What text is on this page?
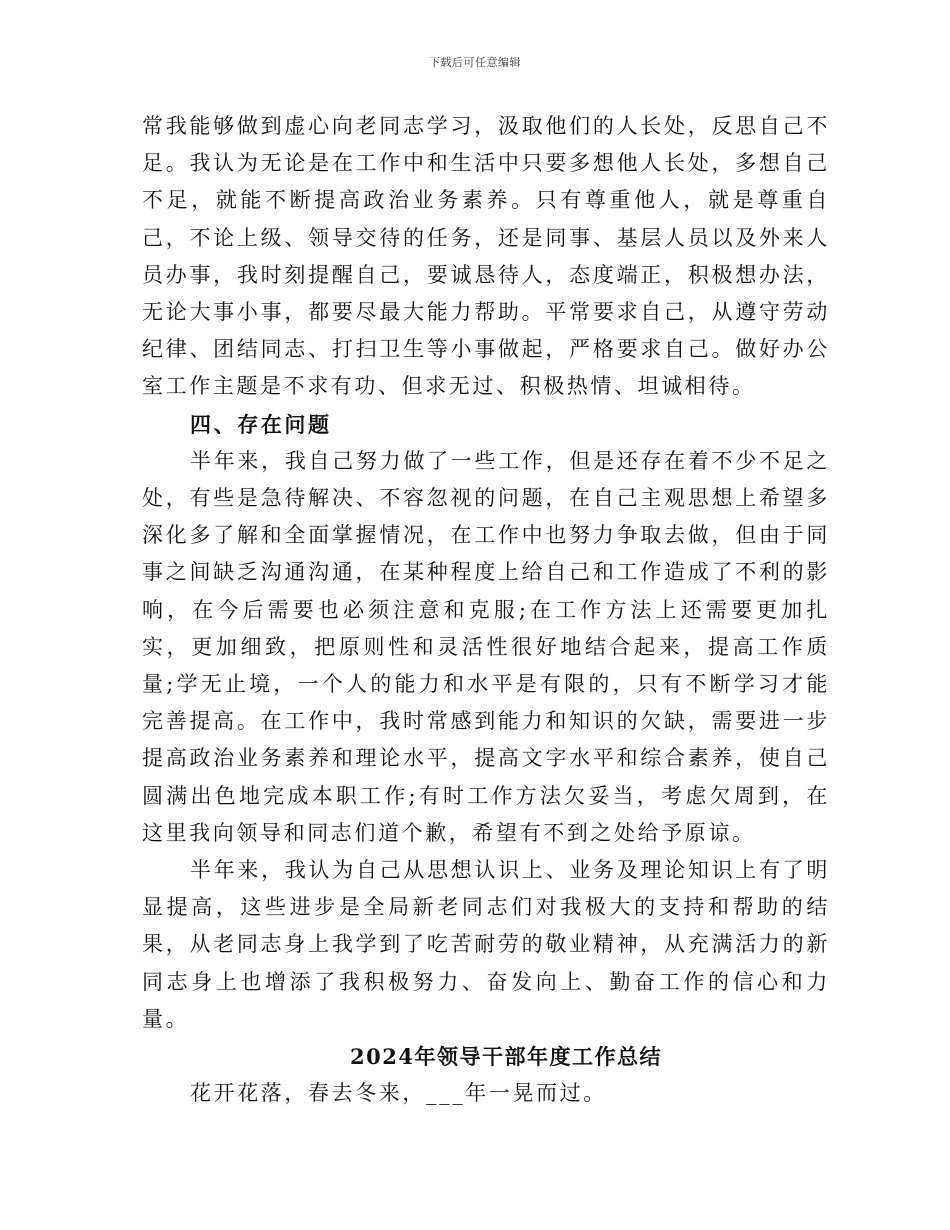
下载后可任意编辑

常我能够做到虚心向老同志学习，汲取他们的人长处，反思自己不足。我认为无论是在工作中和生活中只要多想他人长处，多想自己不足，就能不断提高政治业务素养。只有尊重他人，就是尊重自己，不论上级、领导交待的任务，还是同事、基层人员以及外来人员办事，我时刻提醒自己，要诚恳待人，态度端正，积极想办法，无论大事小事，都要尽最大能力帮助。平常要求自己，从遵守劳动纪律、团结同志、打扫卫生等小事做起，严格要求自己。做好办公室工作主题是不求有功、但求无过、积极热情、坦诚相待。

四、存在问题

半年来，我自己努力做了一些工作，但是还存在着不少不足之处，有些是急待解决、不容忽视的问题，在自己主观思想上希望多深化多了解和全面掌握情况，在工作中也努力争取去做，但由于同事之间缺乏沟通沟通，在某种程度上给自己和工作造成了不利的影响，在今后需要也必须注意和克服;在工作方法上还需要更加扎实，更加细致，把原则性和灵活性很好地结合起来，提高工作质量;学无止境，一个人的能力和水平是有限的，只有不断学习才能完善提高。在工作中，我时常感到能力和知识的欠缺，需要进一步提高政治业务素养和理论水平，提高文字水平和综合素养，使自己圆满出色地完成本职工作;有时工作方法欠妥当，考虑欠周到，在这里我向领导和同志们道个歉，希望有不到之处给予原谅。

半年来，我认为自己从思想认识上、业务及理论知识上有了明显提高，这些进步是全局新老同志们对我极大的支持和帮助的结果，从老同志身上我学到了吃苦耐劳的敬业精神，从充满活力的新同志身上也增添了我积极努力、奋发向上、勤奋工作的信心和力量。

2024年领导干部年度工作总结

花开花落，春去冬来，___年一晃而过。
